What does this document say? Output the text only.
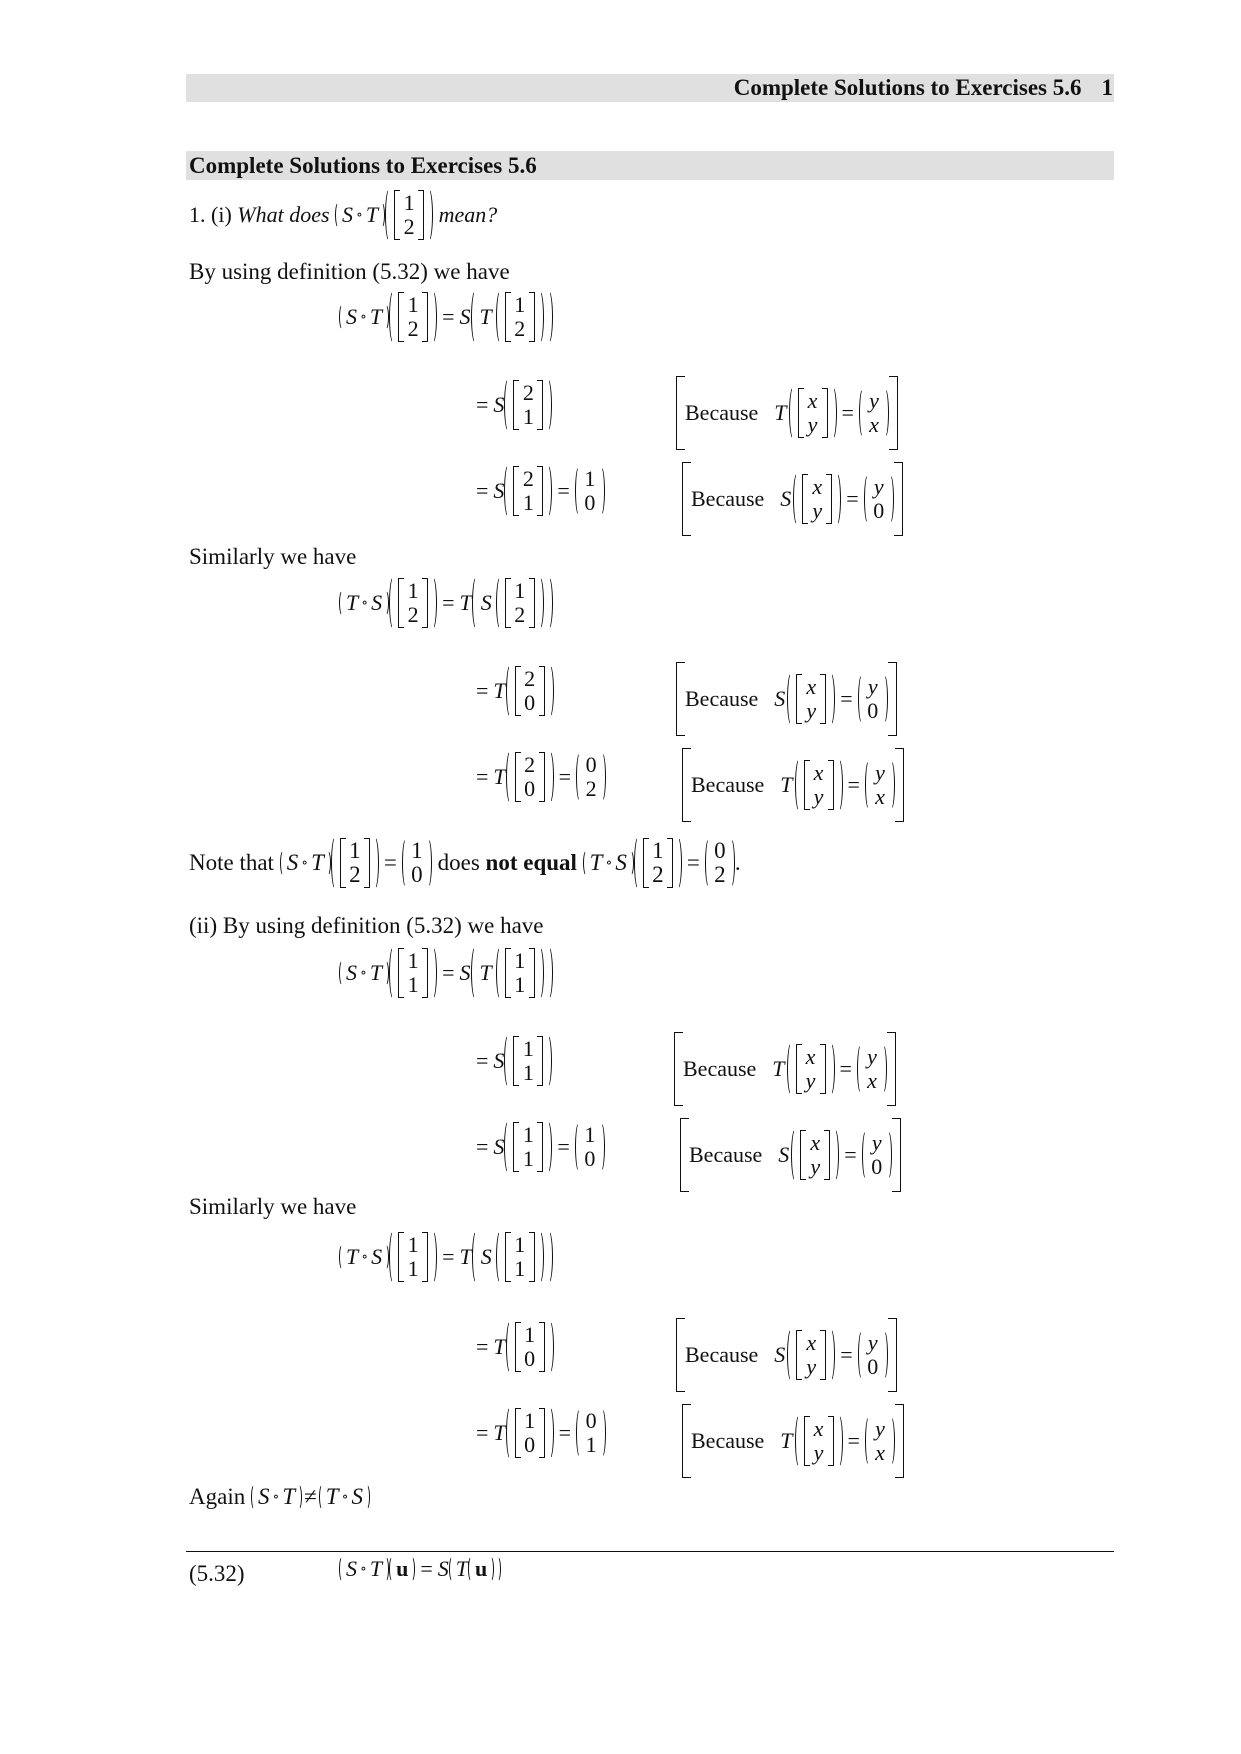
Complete Solutions to Exercises 5.6 1
Complete Solutions to Exercises 5.6
1. (i)
What does
S ∘ T 1
2
mean?
By using definition (5.32) we have
S ∘ T 1
2 = S T 1
2
= S 2
1	Because T x
y = y
x
= S 2
1 = 1
0	Because S x
y = y
0
Similarly we have
T ∘ S 1
2 = T S 1
2
= T 2
0	Because S x
y = y
0
= T 2
0 = 0
2	Because T x
y = y
x
Note that
S ∘ T 1
2 = 1
0
does
not equal
T ∘ S 1
2 = 0
2 .
(ii) By using definition (5.32) we have
S ∘ T 1
1 = S T 1
1
= S 1
1	Because T x
y = y
x
= S 1
1 = 1
0	Because S x
y = y
0
Similarly we have
T ∘ S 1
1 = T S 1
1
= T 1
0	Because S x
y = y
0
= T 1
0 = 0
1	Because T x
y = y
x
Again
S ∘ T ≠ T ∘ S
(5.32)	S ∘ T u = S T u
